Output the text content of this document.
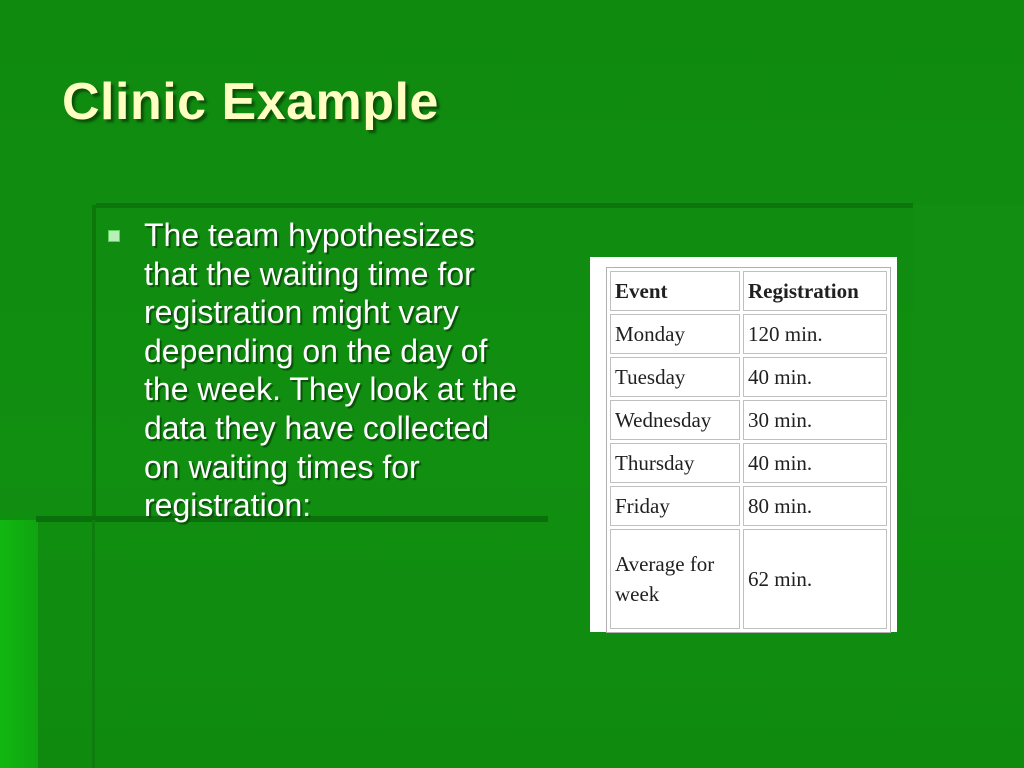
Clinic Example
The team hypothesizes that the waiting time for registration might vary depending on the day of the week. They look at the data they have collected on waiting times for registration:
Event	Registration
Monday	120 min.
Tuesday	40 min.
Wednesday	30 min.
Thursday	40 min.
Friday	80 min.
Average for week	62 min.
